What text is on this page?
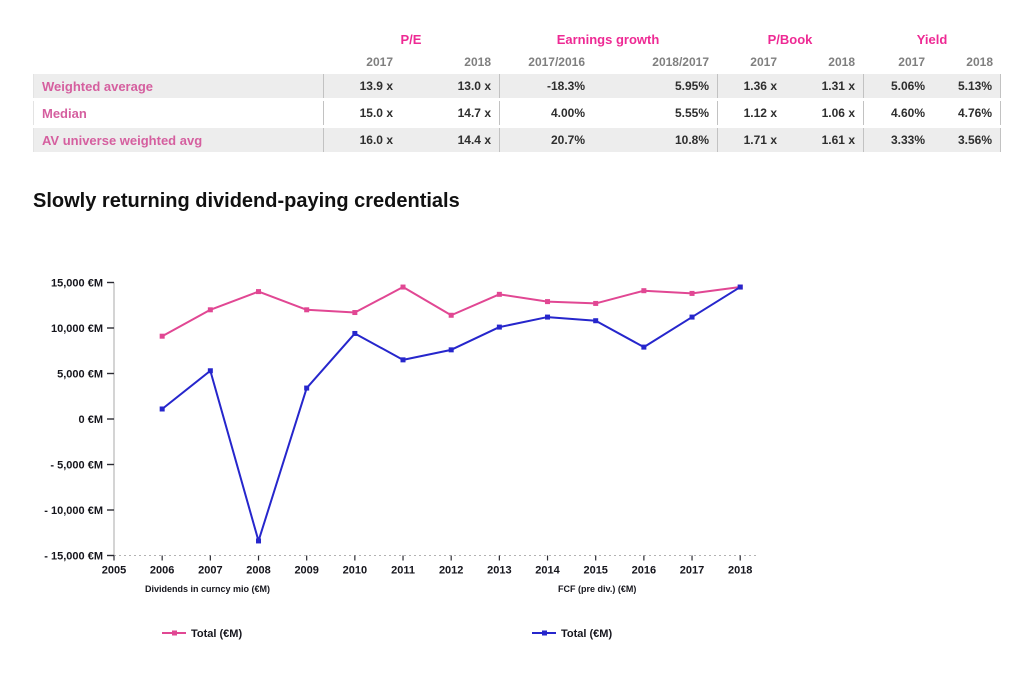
	P/E		Earnings growth		P/Book		Yield	
	2017	2018	2017/2016	2018/2017	2017	2018	2017	2018
Weighted average	13.9 x	13.0 x	-18.3%	5.95%	1.36 x	1.31 x	5.06%	5.13%
Median	15.0 x	14.7 x	4.00%	5.55%	1.12 x	1.06 x	4.60%	4.76%
AV universe weighted avg	16.0 x	14.4 x	20.7%	10.8%	1.71 x	1.61 x	3.33%	3.56%
Slowly returning dividend-paying credentials
15,000 €M
10,000 €M
5,000 €M
0 €M
- 5,000 €M
- 10,000 €M
- 15,000 €M
2005 2006 2007 2008 2009 2010 2011 2012 2013 2014 2015 2016 2017 2018
Dividends in curncy mio (€M)	FCF (pre div.) (€M)
Total (€M)	Total (€M)
